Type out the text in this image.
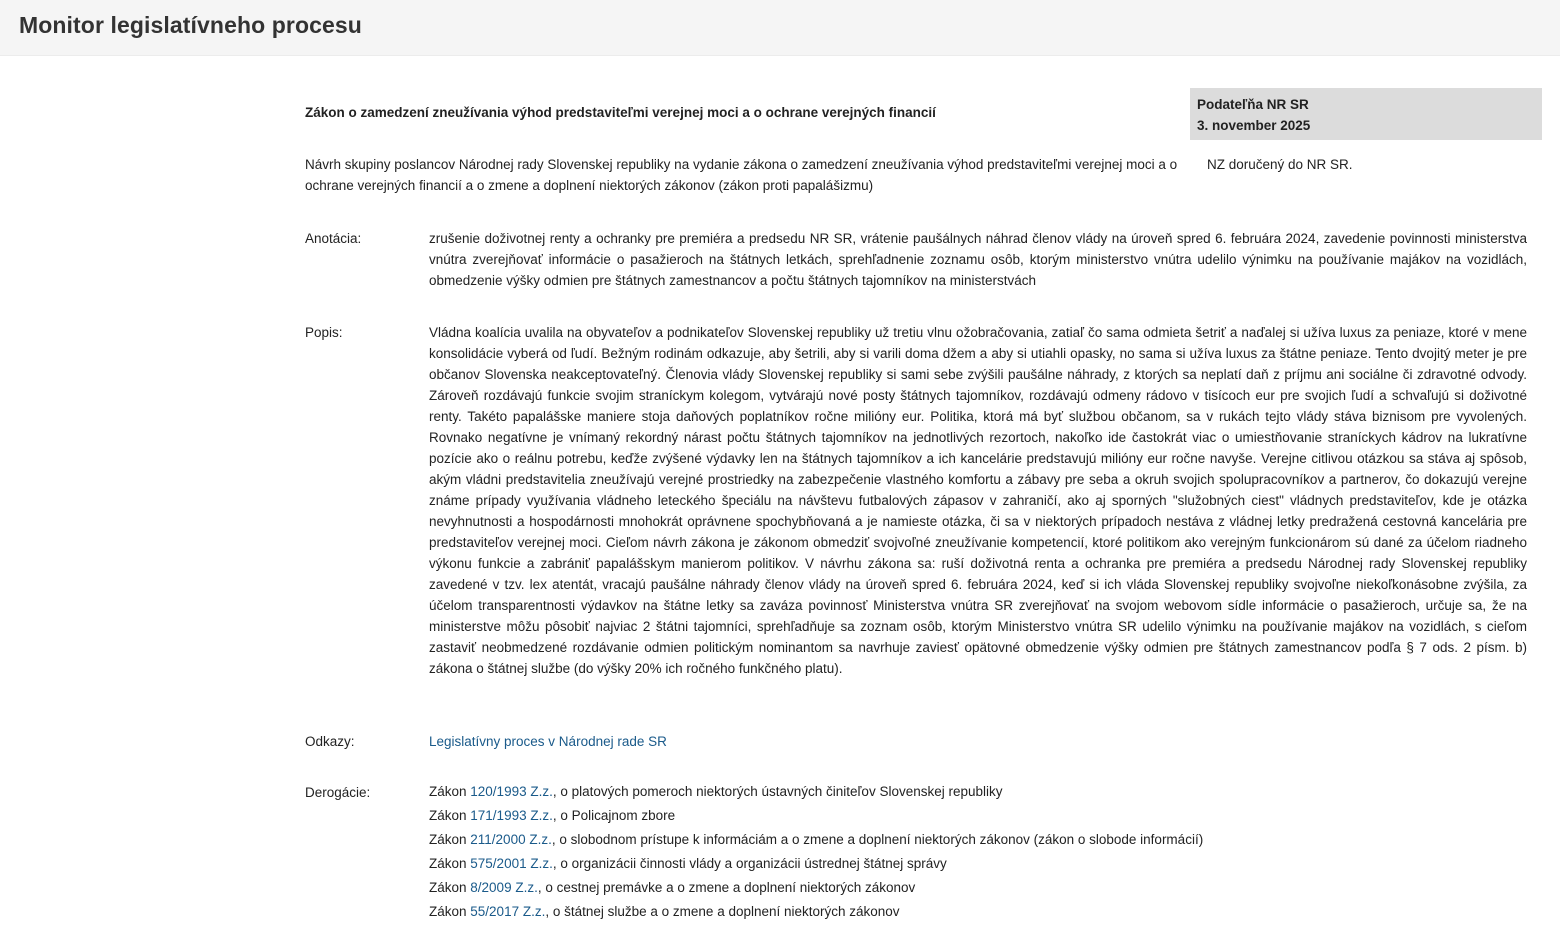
Monitor legislatívneho procesu
Zákon o zamedzení zneužívania výhod predstaviteľmi verejnej moci a o ochrane verejných financií
Podateľňa NR SR
3. november 2025
Návrh skupiny poslancov Národnej rady Slovenskej republiky na vydanie zákona o zamedzení zneužívania výhod predstaviteľmi verejnej moci a o ochrane verejných financií a o zmene a doplnení niektorých zákonov (zákon proti papalášizmu)
NZ doručený do NR SR.
Anotácia:	zrušenie doživotnej renty a ochranky pre premiéra a predsedu NR SR, vrátenie paušálnych náhrad členov vlády na úroveň spred 6. februára 2024, zavedenie povinnosti ministerstva vnútra zverejňovať informácie o pasažieroch na štátnych letkách, sprehľadnenie zoznamu osôb, ktorým ministerstvo vnútra udelilo výnimku na používanie majákov na vozidlách, obmedzenie výšky odmien pre štátnych zamestnancov a počtu štátnych tajomníkov na ministerstvách
Popis:	Vládna koalícia uvalila na obyvateľov a podnikateľov Slovenskej republiky už tretiu vlnu ožobračovania, zatiaľ čo sama odmieta šetriť a naďalej si užíva luxus za peniaze, ktoré v mene konsolidácie vyberá od ľudí. Bežným rodinám odkazuje, aby šetrili, aby si varili doma džem a aby si utiahli opasky, no sama si užíva luxus za štátne peniaze. Tento dvojitý meter je pre občanov Slovenska neakceptovateľný. Členovia vlády Slovenskej republiky si sami sebe zvýšili paušálne náhrady, z ktorých sa neplatí daň z príjmu ani sociálne či zdravotné odvody. Zároveň rozdávajú funkcie svojim straníckym kolegom, vytvárajú nové posty štátnych tajomníkov, rozdávajú odmeny rádovo v tisícoch eur pre svojich ľudí a schvaľujú si doživotné renty. Takéto papalášske maniere stoja daňových poplatníkov ročne milióny eur. Politika, ktorá má byť službou občanom, sa v rukách tejto vlády stáva biznisom pre vyvolených. Rovnako negatívne je vnímaný rekordný nárast počtu štátnych tajomníkov na jednotlivých rezortoch, nakoľko ide častokrát viac o umiestňovanie straníckych kádrov na lukratívne pozície ako o reálnu potrebu, keďže zvýšené výdavky len na štátnych tajomníkov a ich kancelárie predstavujú milióny eur ročne navyše. Verejne citlivou otázkou sa stáva aj spôsob, akým vládni predstavitelia zneužívajú verejné prostriedky na zabezpečenie vlastného komfortu a zábavy pre seba a okruh svojich spolupracovníkov a partnerov, čo dokazujú verejne známe prípady využívania vládneho leteckého špeciálu na návštevu futbalových zápasov v zahraničí, ako aj sporných "služobných ciest" vládnych predstaviteľov, kde je otázka nevyhnutnosti a hospodárnosti mnohokrát oprávnene spochybňovaná a je namieste otázka, či sa v niektorých prípadoch nestáva z vládnej letky predražená cestovná kancelária pre predstaviteľov verejnej moci. Cieľom návrh zákona je zákonom obmedziť svojvoľné zneužívanie kompetencií, ktoré politikom ako verejným funkcionárom sú dané za účelom riadneho výkonu funkcie a zabrániť papalášskym manierom politikov. V návrhu zákona sa: ruší doživotná renta a ochranka pre premiéra a predsedu Národnej rady Slovenskej republiky zavedené v tzv. lex atentát, vracajú paušálne náhrady členov vlády na úroveň spred 6. februára 2024, keď si ich vláda Slovenskej republiky svojvoľne niekoľkonásobne zvýšila, za účelom transparentnosti výdavkov na štátne letky sa zaváza povinnosť Ministerstva vnútra SR zverejňovať na svojom webovom sídle informácie o pasažieroch, určuje sa, že na ministerstve môžu pôsobiť najviac 2 štátni tajomníci, sprehľadňuje sa zoznam osôb, ktorým Ministerstvo vnútra SR udelilo výnimku na používanie majákov na vozidlách, s cieľom zastaviť neobmedzené rozdávanie odmien politickým nominantom sa navrhuje zaviesť opätovné obmedzenie výšky odmien pre štátnych zamestnancov podľa § 7 ods. 2 písm. b) zákona o štátnej službe (do výšky 20% ich ročného funkčného platu).
Odkazy:	Legislatívny proces v Národnej rade SR
Derogácie:	Zákon 120/1993 Z.z., o platových pomeroch niektorých ústavných činiteľov Slovenskej republiky
Zákon 171/1993 Z.z., o Policajnom zbore
Zákon 211/2000 Z.z., o slobodnom prístupe k informáciám a o zmene a doplnení niektorých zákonov (zákon o slobode informácií)
Zákon 575/2001 Z.z., o organizácii činnosti vlády a organizácii ústrednej štátnej správy
Zákon 8/2009 Z.z., o cestnej premávke a o zmene a doplnení niektorých zákonov
Zákon 55/2017 Z.z., o štátnej službe a o zmene a doplnení niektorých zákonov
